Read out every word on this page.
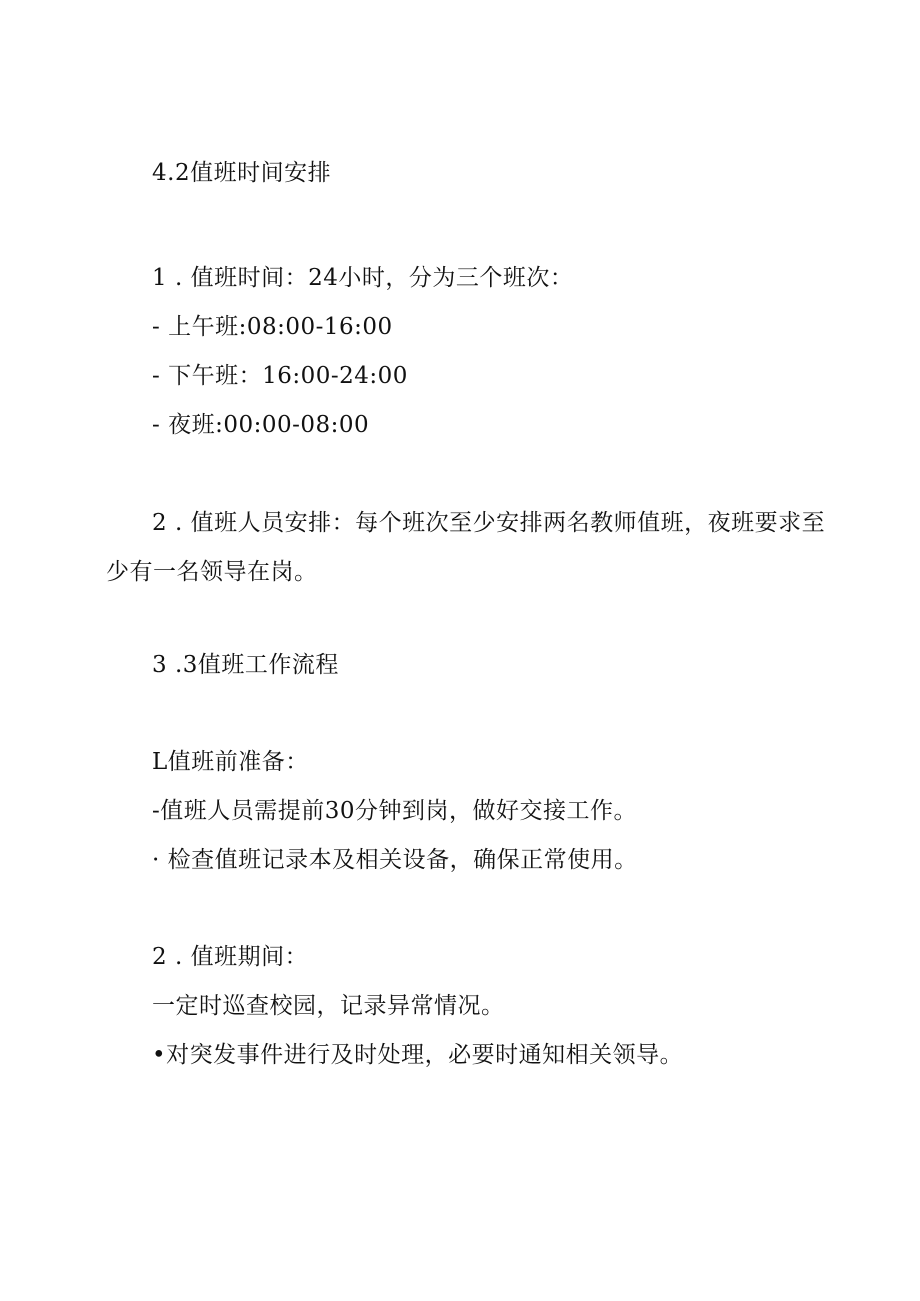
4.2值班时间安排
1 . 值班时间：24小时，分为三个班次：
- 上午班:08:00-16:00
- 下午班：16:00-24:00
- 夜班:00:00-08:00
2 . 值班人员安排：每个班次至少安排两名教师值班，夜班要求至
少有一名领导在岗。
3 .3值班工作流程
L值班前准备：
-值班人员需提前30分钟到岗，做好交接工作。
· 检查值班记录本及相关设备，确保正常使用。
2 . 值班期间：
一定时巡查校园，记录异常情况。
•对突发事件进行及时处理，必要时通知相关领导。
